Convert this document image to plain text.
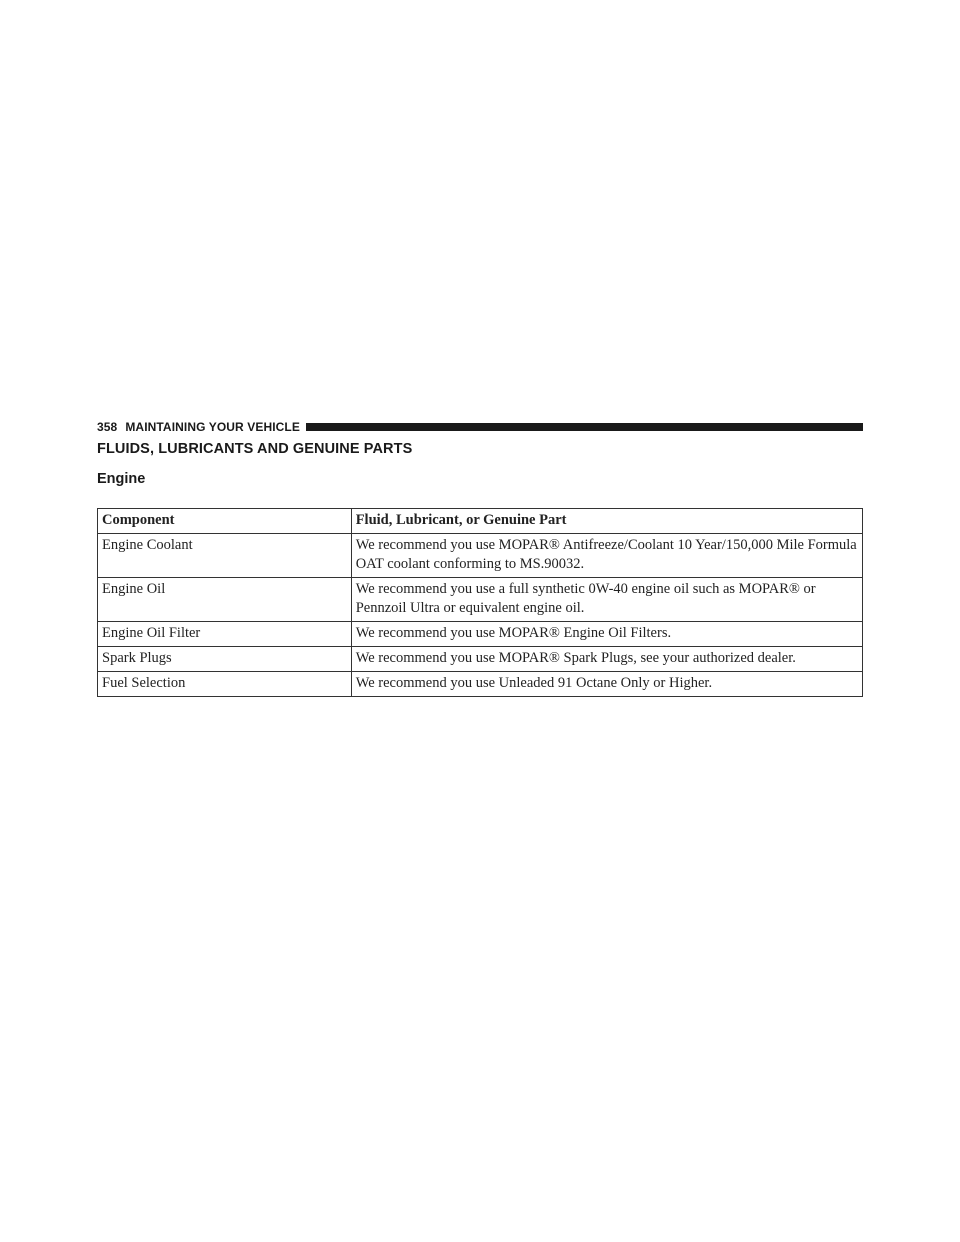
358 MAINTAINING YOUR VEHICLE
FLUIDS, LUBRICANTS AND GENUINE PARTS
Engine
Component	Fluid, Lubricant, or Genuine Part
Engine Coolant	We recommend you use MOPAR® Antifreeze/Coolant 10 Year/150,000 Mile Formula OAT coolant conforming to MS.90032.
Engine Oil	We recommend you use a full synthetic 0W-40 engine oil such as MOPAR® or Pennzoil Ultra or equivalent engine oil.
Engine Oil Filter	We recommend you use MOPAR® Engine Oil Filters.
Spark Plugs	We recommend you use MOPAR® Spark Plugs, see your authorized dealer.
Fuel Selection	We recommend you use Unleaded 91 Octane Only or Higher.
